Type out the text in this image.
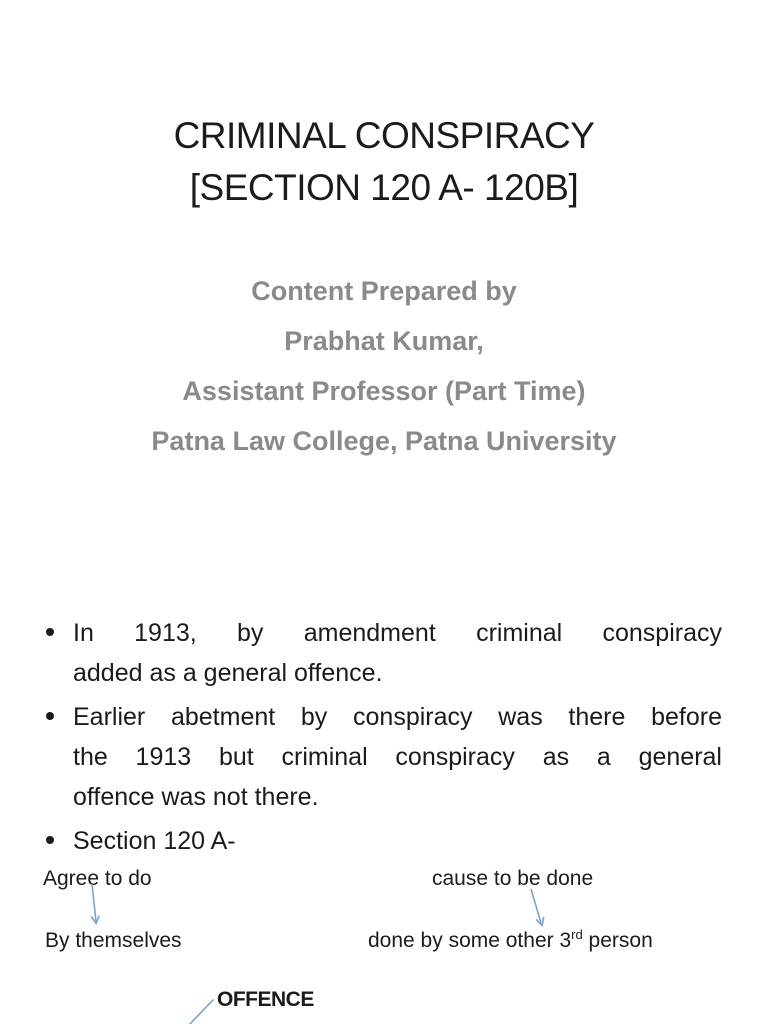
CRIMINAL CONSPIRACY
[SECTION 120 A- 120B]
Content Prepared by
Prabhat Kumar,
Assistant Professor (Part Time)
Patna Law College, Patna University
In 1913, by amendment criminal conspiracy
added as a general offence.
Earlier abetment by conspiracy was there before
the 1913 but criminal conspiracy as a general
offence was not there.
Section 120 A-
Agree to do	cause to be done
By themselves	done by some other 3rd person
OFFENCE
